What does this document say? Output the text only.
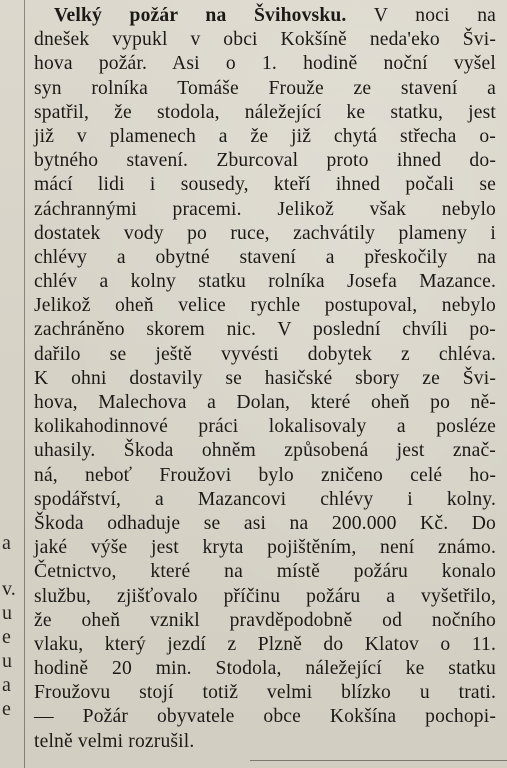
a
v.
u
e
u
a
e
Velký požár na Švihovsku. V noci na
dnešek vypukl v obci Kokšíně neda'eko Švi-
hova požár. Asi o 1. hodině noční vyšel
syn rolníka Tomáše Frouže ze stavení a
spatřil, že stodola, náležející ke statku, jest
již v plamenech a že již chytá střecha o-
bytného stavení. Zburcoval proto ihned do-
mácí lidi i sousedy, kteří ihned počali se
záchrannými pracemi. Jelikož však nebylo
dostatek vody po ruce, zachvátily plameny i
chlévy a obytné stavení a přeskočily na
chlév a kolny statku rolníka Josefa Mazance.
Jelikož oheň velice rychle postupoval, nebylo
zachráněno skorem nic. V poslední chvíli po-
dařilo se ještě vyvésti dobytek z chléva.
K ohni dostavily se hasičské sbory ze Švi-
hova, Malechova a Dolan, které oheň po ně-
kolikahodinnové práci lokalisovaly a posléze
uhasily. Škoda ohněm způsobená jest znač-
ná, neboť Froužovi bylo zničeno celé ho-
spodářství, a Mazancovi chlévy i kolny.
Škoda odhaduje se asi na 200.000 Kč. Do
jaké výše jest kryta pojištěním, není známo.
Četnictvo, které na místě požáru konalo
službu, zjišťovalo příčinu požáru a vyšetřilo,
že oheň vznikl pravděpodobně od nočního
vlaku, který jezdí z Plzně do Klatov o 11.
hodině 20 min. Stodola, náležející ke statku
Froužovu stojí totiž velmi blízko u trati.
— Požár obyvatele obce Kokšína pochopi-
telně velmi rozrušil.
